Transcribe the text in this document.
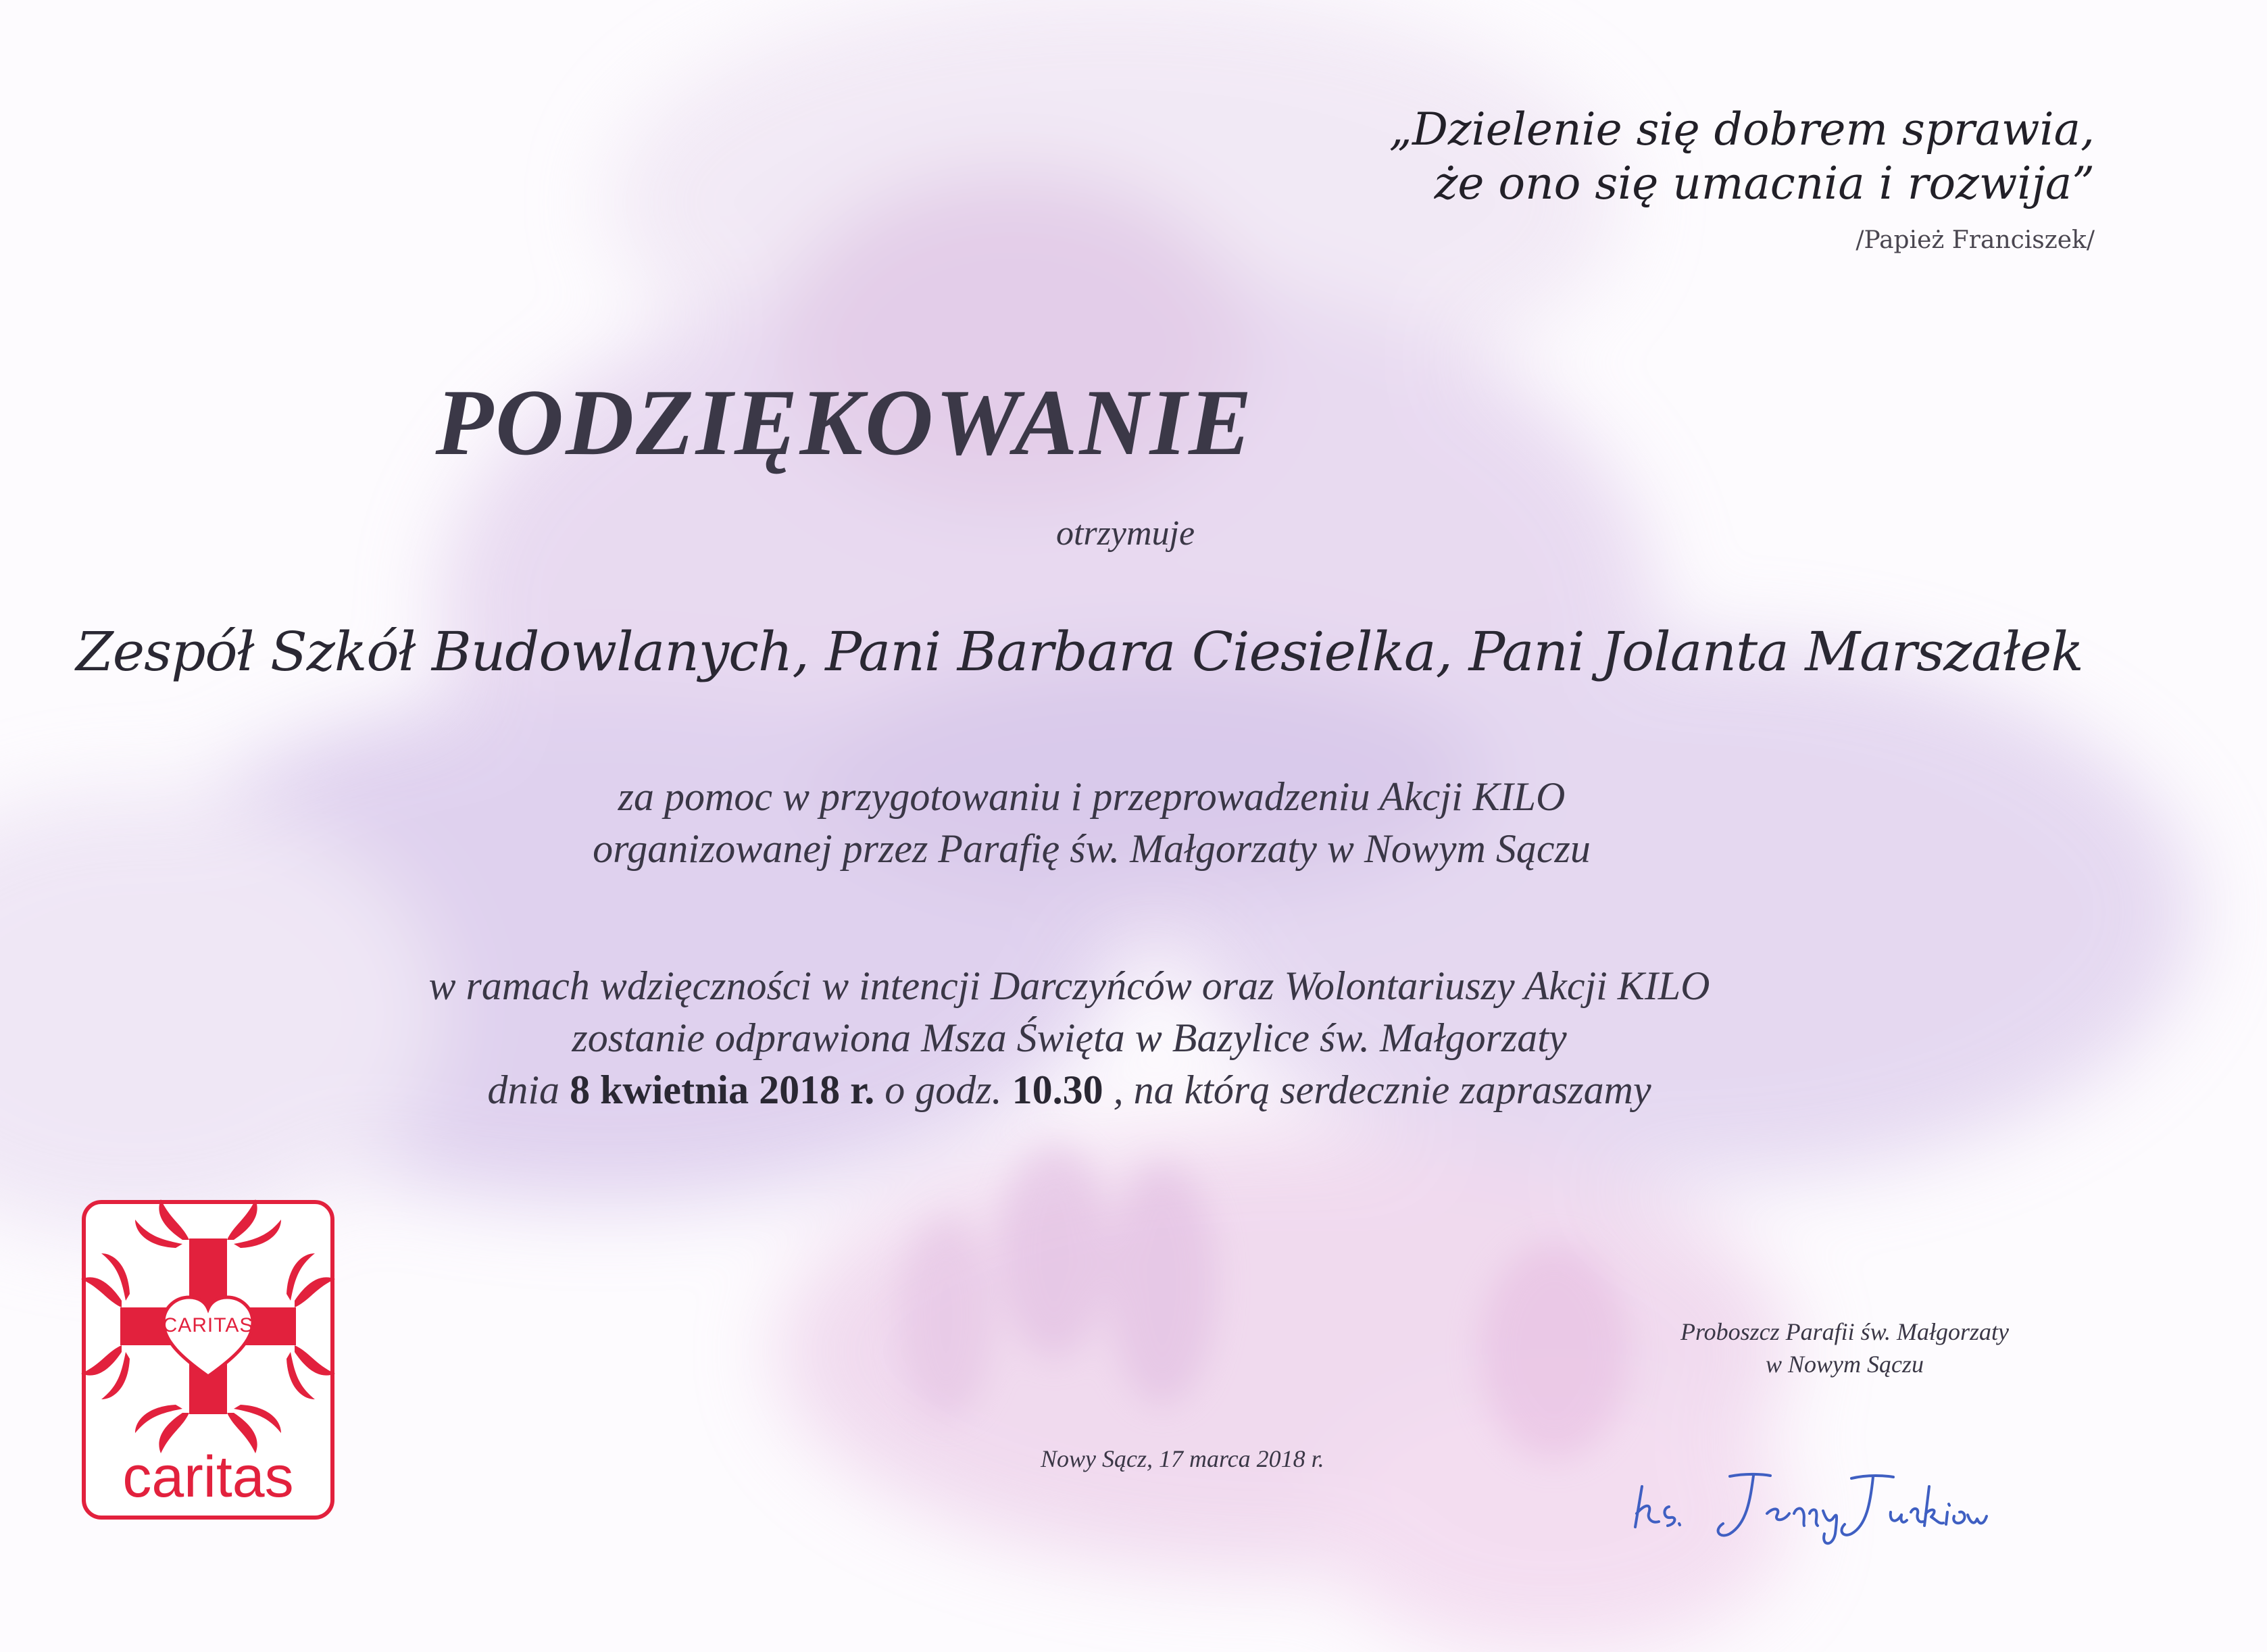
„Dzielenie się dobrem sprawia,

że ono się umacnia i rozwija”

/Papież Franciszek/

PODZIĘKOWANIE

otrzymuje

Zespół Szkół Budowlanych, Pani Barbara Ciesielka, Pani Jolanta Marszałek

za pomoc w przygotowaniu i przeprowadzeniu Akcji KILO

organizowanej przez Parafię św. Małgorzaty w Nowym Sączu

w ramach wdzięczności w intencji Darczyńców oraz Wolontariuszy Akcji KILO

zostanie odprawiona Msza Święta w Bazylice św. Małgorzaty

dnia 8 kwietnia 2018 r. o godz. 10.30 , na którą serdecznie zapraszamy

CARITAS
caritas	Nowy Sącz, 17 marca 2018 r.

Proboszcz Parafii św. Małgorzaty

w Nowym Sączu
